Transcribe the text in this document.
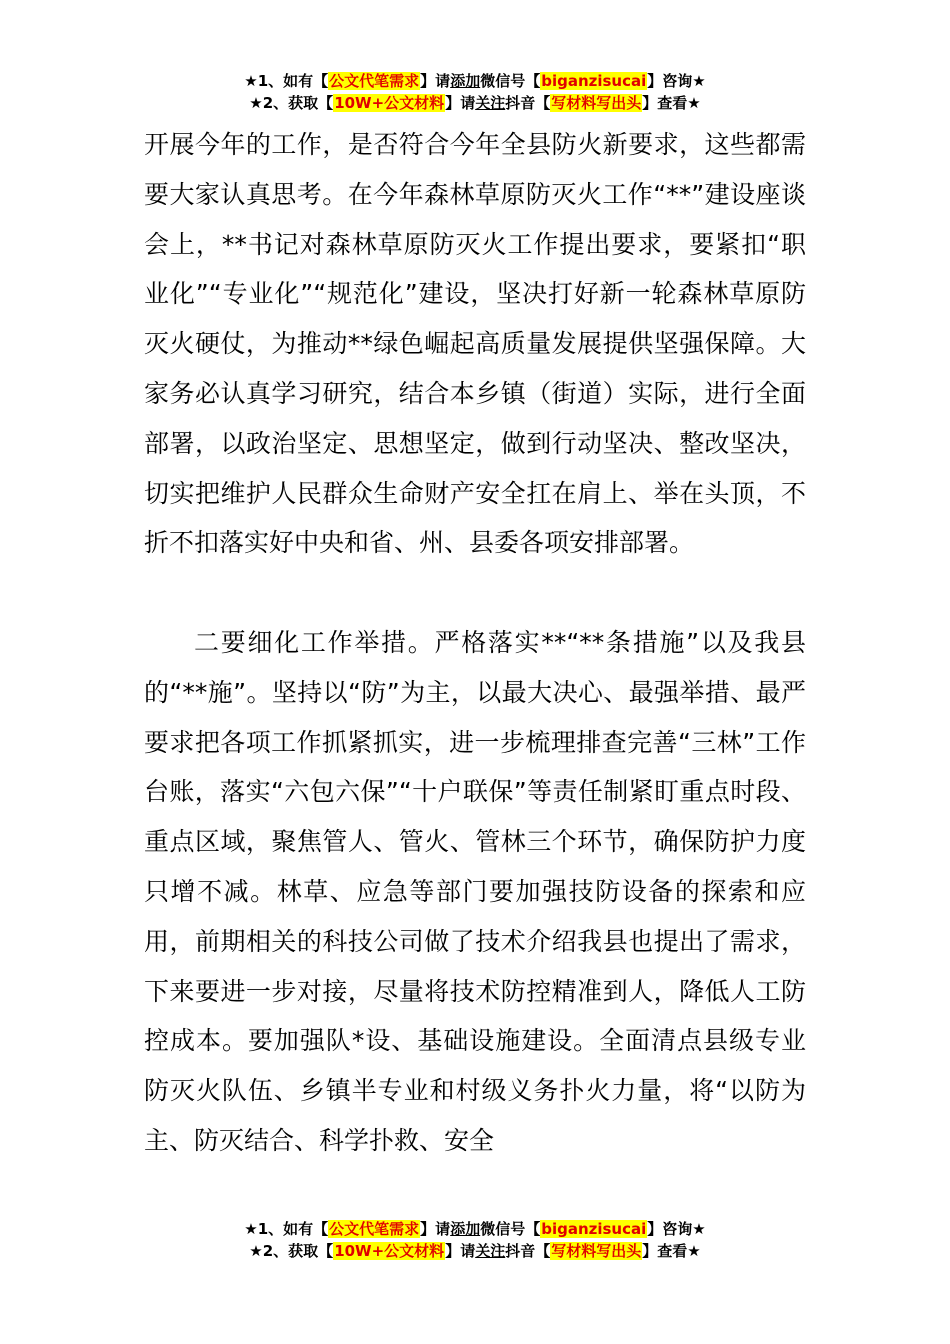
★1、如有【公文代笔需求】请添加微信号【biganzisucai】咨询★
★2、获取【10W+公文材料】请关注抖音【写材料写出头】查看★

开展今年的工作，是否符合今年全县防火新要求，这些都需要大家认真思考。在今年森林草原防灭火工作“**”建设座谈会上，**书记对森林草原防灭火工作提出要求，要紧扣“职业化”“专业化”“规范化”建设，坚决打好新一轮森林草原防灭火硬仗，为推动**绿色崛起高质量发展提供坚强保障。大家务必认真学习研究，结合本乡镇（街道）实际，进行全面部署，以政治坚定、思想坚定，做到行动坚决、整改坚决，切实把维护人民群众生命财产安全扛在肩上、举在头顶，不折不扣落实好中央和省、州、县委各项安排部署。

二要细化工作举措。严格落实**“**条措施”以及我县的“**施”。坚持以“防”为主，以最大决心、最强举措、最严要求把各项工作抓紧抓实，进一步梳理排查完善“三林”工作台账，落实“六包六保”“十户联保”等责任制紧盯重点时段、重点区域，聚焦管人、管火、管林三个环节，确保防护力度只增不减。林草、应急等部门要加强技防设备的探索和应用，前期相关的科技公司做了技术介绍我县也提出了需求，下来要进一步对接，尽量将技术防控精准到人，降低人工防控成本。要加强队*设、基础设施建设。全面清点县级专业防灭火队伍、乡镇半专业和村级义务扑火力量，将“以防为主、防灭结合、科学扑救、安全

★1、如有【公文代笔需求】请添加微信号【biganzisucai】咨询★
★2、获取【10W+公文材料】请关注抖音【写材料写出头】查看★
